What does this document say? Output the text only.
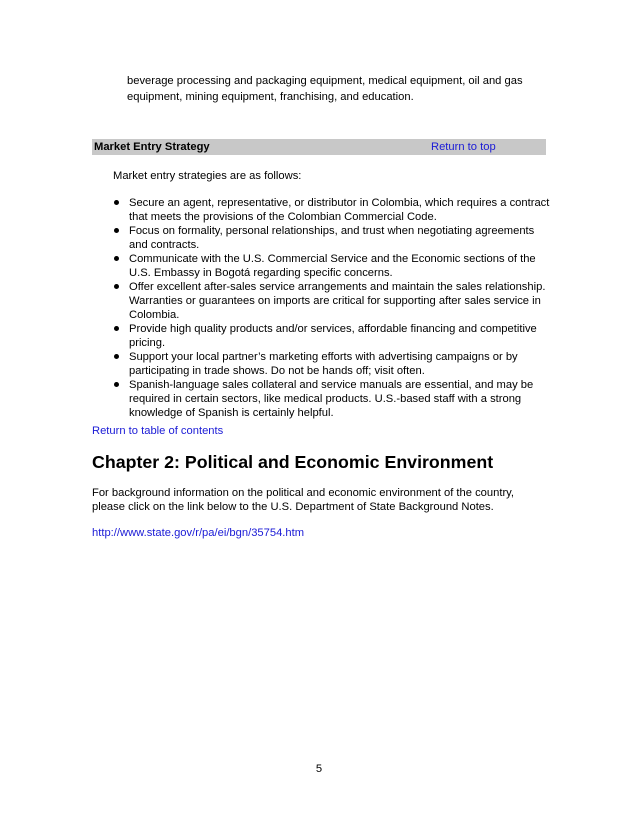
beverage processing and packaging equipment, medical equipment, oil and gas equipment, mining equipment, franchising, and education.
Market Entry Strategy	Return to top
Market entry strategies are as follows:
Secure an agent, representative, or distributor in Colombia, which requires a contract that meets the provisions of the Colombian Commercial Code.
Focus on formality, personal relationships, and trust when negotiating agreements and contracts.
Communicate with the U.S. Commercial Service and the Economic sections of the U.S. Embassy in Bogotá regarding specific concerns.
Offer excellent after-sales service arrangements and maintain the sales relationship. Warranties or guarantees on imports are critical for supporting after sales service in Colombia.
Provide high quality products and/or services, affordable financing and competitive pricing.
Support your local partner’s marketing efforts with advertising campaigns or by participating in trade shows. Do not be hands off; visit often.
Spanish-language sales collateral and service manuals are essential, and may be required in certain sectors, like medical products. U.S.-based staff with a strong knowledge of Spanish is certainly helpful.
Return to table of contents
Chapter 2: Political and Economic Environment
For background information on the political and economic environment of the country, please click on the link below to the U.S. Department of State Background Notes.
http://www.state.gov/r/pa/ei/bgn/35754.htm
5
